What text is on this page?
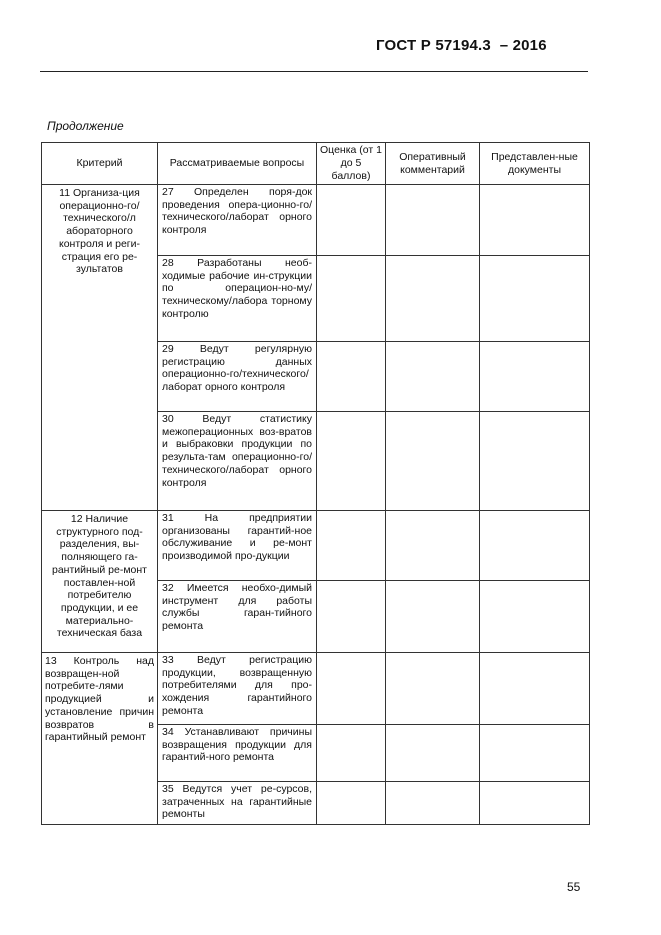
ГОСТ Р 57194.3  – 2016
Продолжение
Критерий	Рассматриваемые вопросы	Оценка (от 1 до 5 баллов)	Оперативный комментарий	Представлен-ные документы
11 Организа-ция операционно-го/технического/л абораторного контроля и реги-страция его ре-зультатов	27 Определен поря-док проведения опера-ционно-го/технического/лаборат орного контроля			
	28 Разработаны необ-ходимые рабочие ин-струкции по операцион-но-му/техническому/лабора торному контролю			
	29 Ведут регулярную регистрацию данных операционно-го/технического/лаборат орного контроля			
	30 Ведут статистику межоперационных воз-вратов и выбраковки продукции по результа-там операционно-го/технического/лаборат орного контроля			
12 Наличие структурного под-разделения, вы-полняющего га-рантийный ре-монт поставлен-ной потребителю продукции, и ее материально-техническая база	31 На предприятии организованы гарантий-ное обслуживание и ре-монт производимой про-дукции			
	32 Имеется необхо-димый инструмент для работы службы гаран-тийного ремонта			
13 Контроль над возвращен-ной потребите-лями продукцией и установление причин возвратов в гарантийный ремонт	33 Ведут регистрацию продукции, возвращенную потребителями для про-хождения гарантийного ремонта			
	34 Устанавливают причины возвращения продукции для гарантий-ного ремонта			
	35 Ведутся учет ре-сурсов, затраченных на гарантийные ремонты			
55
